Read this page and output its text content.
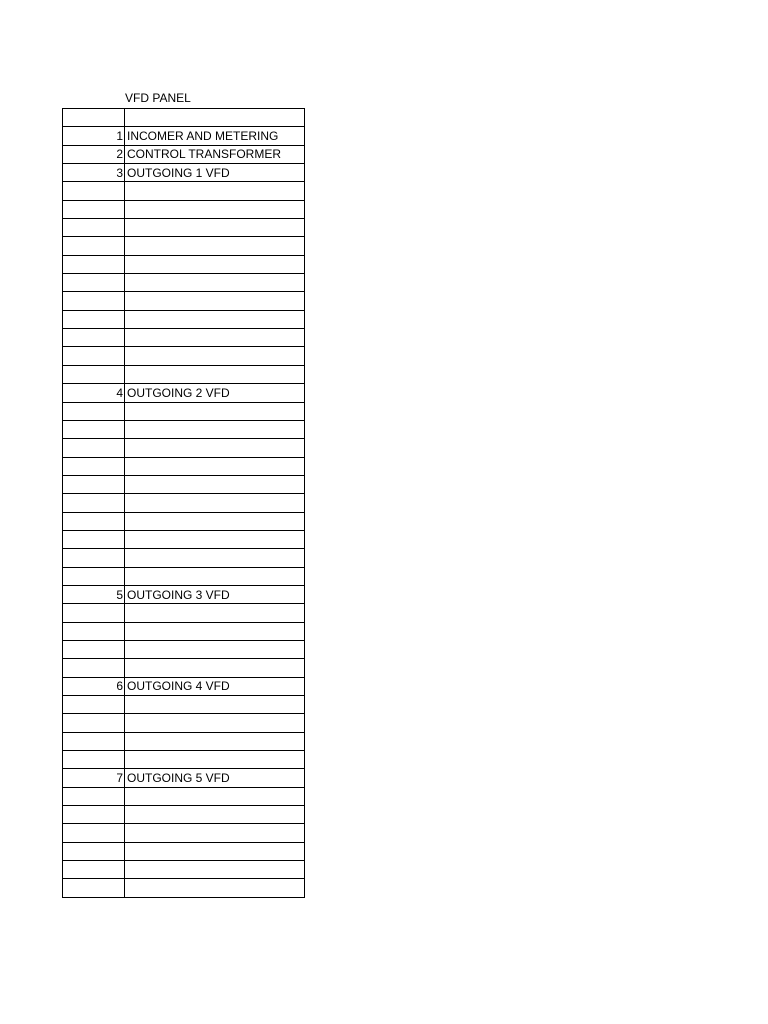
VFD PANEL

1	INCOMER AND METERING
2	CONTROL TRANSFORMER
3	OUTGOING 1 VFD

4	OUTGOING 2 VFD

5	OUTGOING 3 VFD

6	OUTGOING 4 VFD

7	OUTGOING 5 VFD
